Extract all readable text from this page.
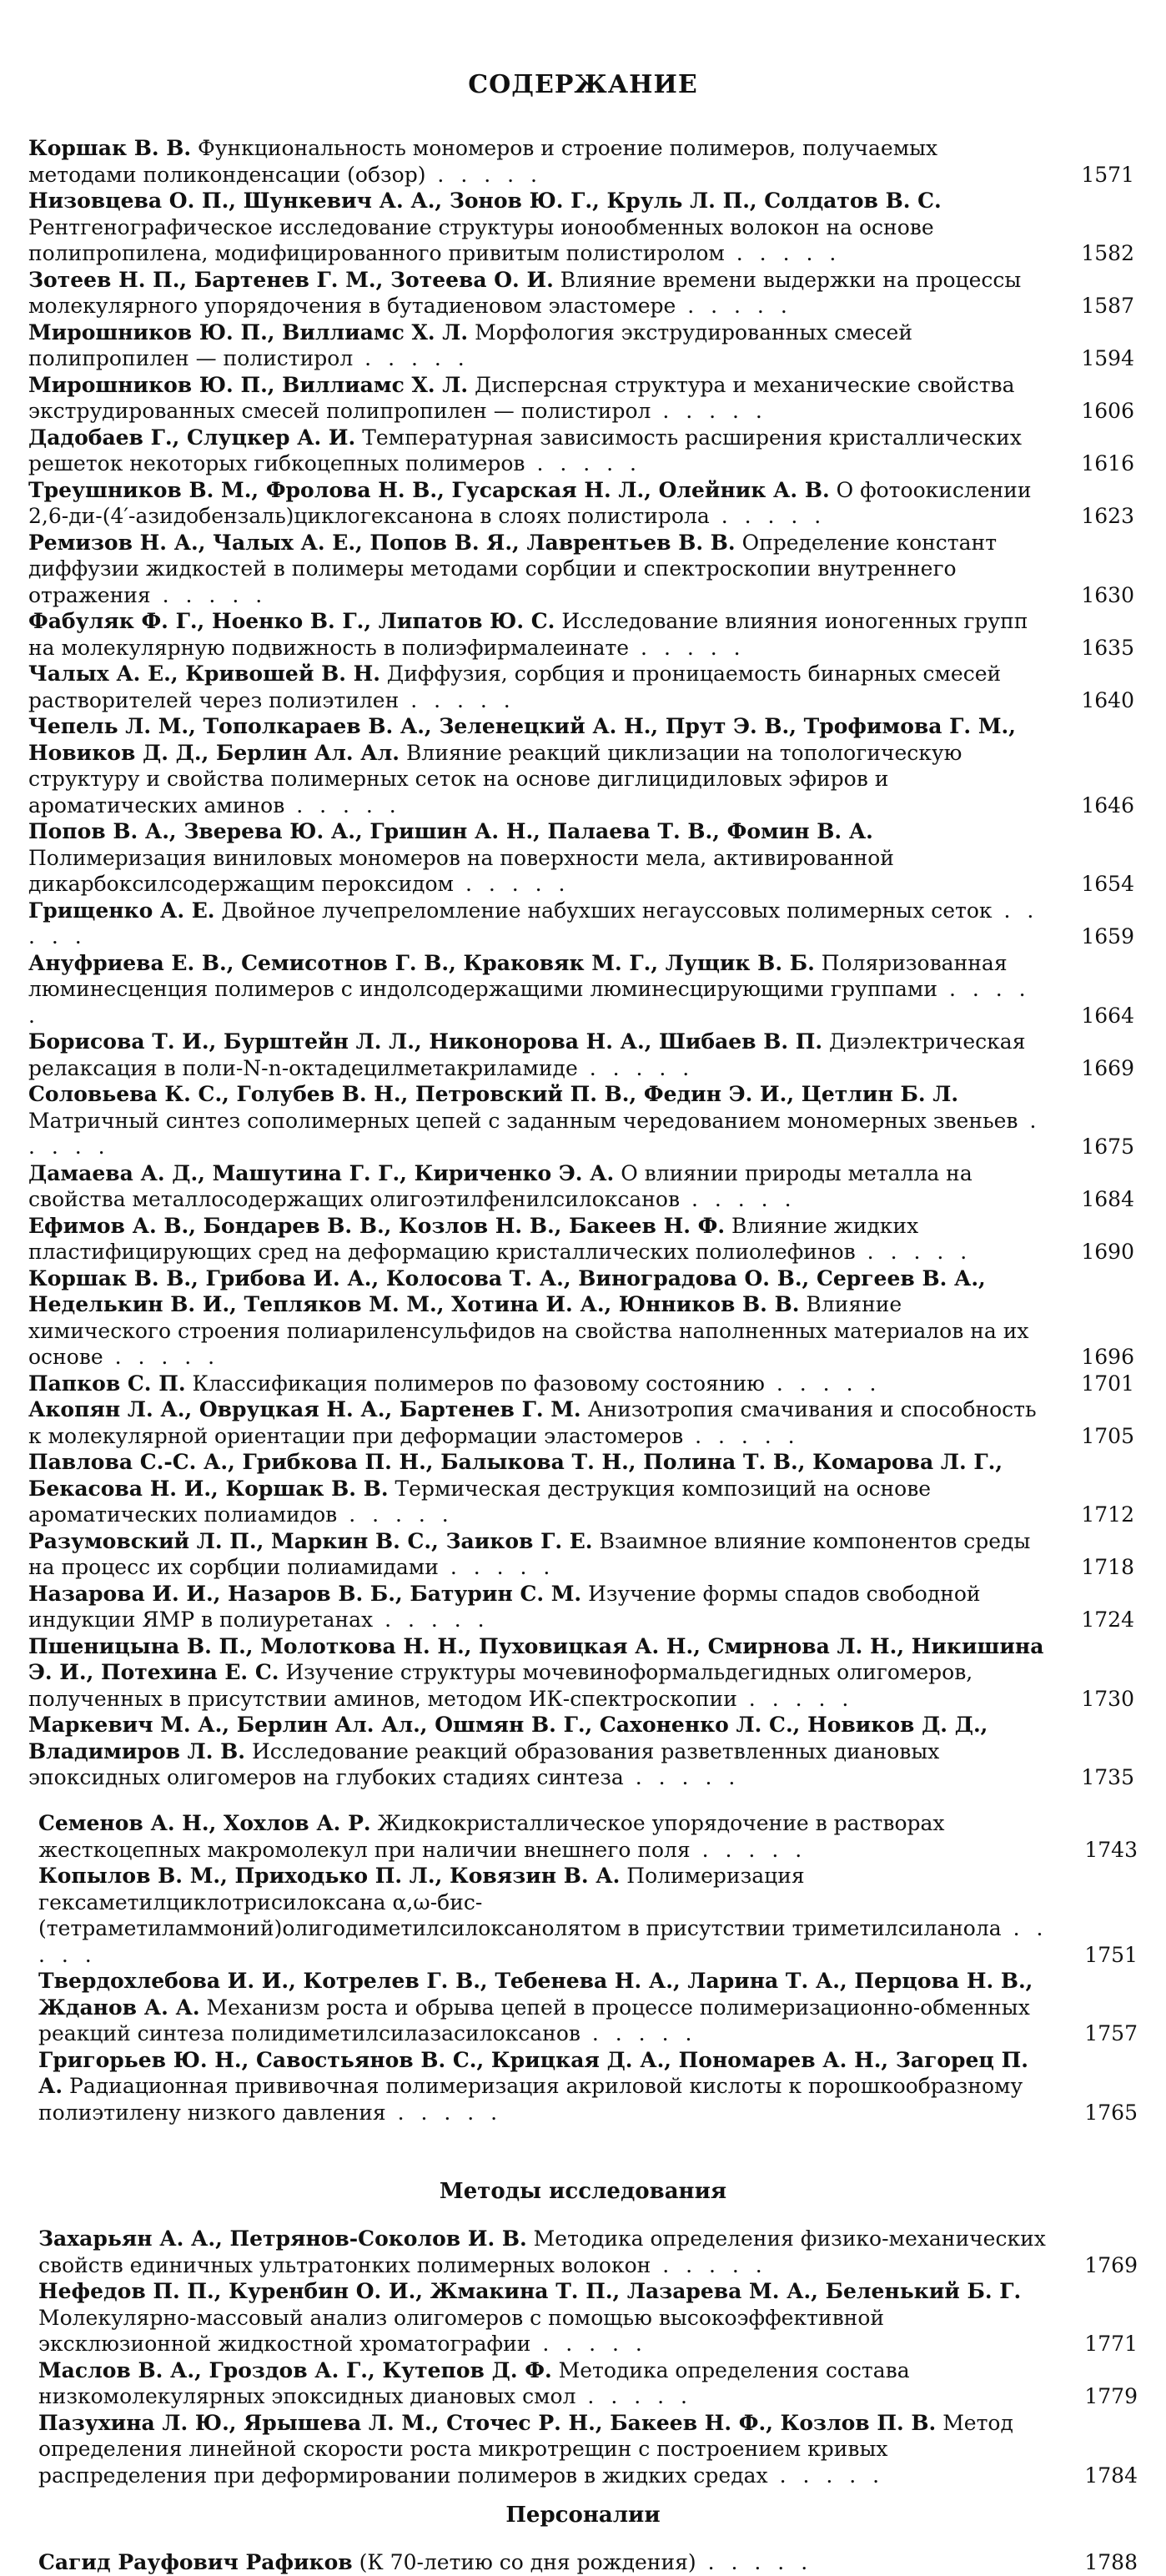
СОДЕРЖАНИЕ
Коршак В. В. Функциональность мономеров и строение полимеров, получаемых методами поликонденсации (обзор) . . . . .	1571
Низовцева О. П., Шункевич А. А., Зонов Ю. Г., Круль Л. П., Солдатов В. С. Рентгенографическое исследование структуры ионообменных волокон на основе полипропилена, модифицированного привитым полистиролом . . . . .	1582
Зотеев Н. П., Бартенев Г. М., Зотеева О. И. Влияние времени выдержки на процессы молекулярного упорядочения в бутадиеновом эластомере . . . . .	1587
Мирошников Ю. П., Виллиамс Х. Л. Морфология экструдированных смесей полипропилен — полистирол . . . . .	1594
Мирошников Ю. П., Виллиамс Х. Л. Дисперсная структура и механические свойства экструдированных смесей полипропилен — полистирол . . . . .	1606
Дадобаев Г., Слуцкер А. И. Температурная зависимость расширения кристаллических решеток некоторых гибкоцепных полимеров . . . . .	1616
Треушников В. М., Фролова Н. В., Гусарская Н. Л., Олейник А. В. О фотоокислении 2,6-ди-(4′-азидобензаль)циклогексанона в слоях полистирола . . . . .	1623
Ремизов Н. А., Чалых А. Е., Попов В. Я., Лаврентьев В. В. Определение констант диффузии жидкостей в полимеры методами сорбции и спектроскопии внутреннего отражения . . . . .	1630
Фабуляк Ф. Г., Ноенко В. Г., Липатов Ю. С. Исследование влияния ионогенных групп на молекулярную подвижность в полиэфирмалеинате . . . . .	1635
Чалых А. Е., Кривошей В. Н. Диффузия, сорбция и проницаемость бинарных смесей растворителей через полиэтилен . . . . .	1640
Чепель Л. М., Тополкараев В. А., Зеленецкий А. Н., Прут Э. В., Трофимова Г. М., Новиков Д. Д., Берлин Ал. Ал. Влияние реакций циклизации на топологическую структуру и свойства полимерных сеток на основе диглицидиловых эфиров и ароматических аминов . . . . .	1646
Попов В. А., Зверева Ю. А., Гришин А. Н., Палаева Т. В., Фомин В. А. Полимеризация виниловых мономеров на поверхности мела, активированной дикарбоксилсодержащим пероксидом . . . . .	1654
Грищенко А. Е. Двойное лучепреломление набухших негауссовых полимерных сеток . . . . .	1659
Ануфриева Е. В., Семисотнов Г. В., Краковяк М. Г., Лущик В. Б. Поляризованная люминесценция полимеров с индолсодержащими люминесцирующими группами . . . . .	1664
Борисова Т. И., Бурштейн Л. Л., Никонорова Н. А., Шибаев В. П. Диэлектрическая релаксация в поли-N-n-октадецилметакриламиде . . . . .	1669
Соловьева К. С., Голубев В. Н., Петровский П. В., Федин Э. И., Цетлин Б. Л. Матричный синтез сополимерных цепей с заданным чередованием мономерных звеньев . . . . .	1675
Дамаева А. Д., Машутина Г. Г., Кириченко Э. А. О влиянии природы металла на свойства металлосодержащих олигоэтилфенилсилоксанов . . . . .	1684
Ефимов А. В., Бондарев В. В., Козлов Н. В., Бакеев Н. Ф. Влияние жидких пластифицирующих сред на деформацию кристаллических полиолефинов . . . . .	1690
Коршак В. В., Грибова И. А., Колосова Т. А., Виноградова О. В., Сергеев В. А., Неделькин В. И., Тепляков М. М., Хотина И. А., Юнников В. В. Влияние химического строения полиариленсульфидов на свойства наполненных материалов на их основе . . . . .	1696
Папков С. П. Классификация полимеров по фазовому состоянию . . . . .	1701
Акопян Л. А., Овруцкая Н. А., Бартенев Г. М. Анизотропия смачивания и способность к молекулярной ориентации при деформации эластомеров . . . . .	1705
Павлова С.-С. А., Грибкова П. Н., Балыкова Т. Н., Полина Т. В., Комарова Л. Г., Бекасова Н. И., Коршак В. В. Термическая деструкция композиций на основе ароматических полиамидов . . . . .	1712
Разумовский Л. П., Маркин В. С., Заиков Г. Е. Взаимное влияние компонентов среды на процесс их сорбции полиамидами . . . . .	1718
Назарова И. И., Назаров В. Б., Батурин С. М. Изучение формы спадов свободной индукции ЯМР в полиуретанах . . . . .	1724
Пшеницына В. П., Молоткова Н. Н., Пуховицкая А. Н., Смирнова Л. Н., Никишина Э. И., Потехина Е. С. Изучение структуры мочевиноформальдегидных олигомеров, полученных в присутствии аминов, методом ИК-спектроскопии . . . . .	1730
Маркевич М. А., Берлин Ал. Ал., Ошмян В. Г., Сахоненко Л. С., Новиков Д. Д., Владимиров Л. В. Исследование реакций образования разветвленных диановых эпоксидных олигомеров на глубоких стадиях синтеза . . . . .	1735
Семенов А. Н., Хохлов А. Р. Жидкокристаллическое упорядочение в растворах жесткоцепных макромолекул при наличии внешнего поля . . . . .	1743
Копылов В. М., Приходько П. Л., Ковязин В. А. Полимеризация гексаметилциклотрисилоксана α,ω-бис-(тетраметиламмоний)олигодиметилсилоксанолятом в присутствии триметилсиланола . . . . .	1751
Твердохлебова И. И., Котрелев Г. В., Тебенева Н. А., Ларина Т. А., Перцова Н. В., Жданов А. А. Механизм роста и обрыва цепей в процессе полимеризационно-обменных реакций синтеза полидиметилсилазасилоксанов . . . . .	1757
Григорьев Ю. Н., Савостьянов В. С., Крицкая Д. А., Пономарев А. Н., Загорец П. А. Радиационная прививочная полимеризация акриловой кислоты к порошкообразному полиэтилену низкого давления . . . . .	1765
Методы исследования
Захарьян А. А., Петрянов-Соколов И. В. Методика определения физико-механических свойств единичных ультратонких полимерных волокон . . . . .	1769
Нефедов П. П., Куренбин О. И., Жмакина Т. П., Лазарева М. А., Беленький Б. Г. Молекулярно-массовый анализ олигомеров с помощью высокоэффективной эксклюзионной жидкостной хроматографии . . . . .	1771
Маслов В. А., Гроздов А. Г., Кутепов Д. Ф. Методика определения состава низкомолекулярных эпоксидных диановых смол . . . . .	1779
Пазухина Л. Ю., Ярышева Л. М., Сточес Р. Н., Бакеев Н. Ф., Козлов П. В. Метод определения линейной скорости роста микротрещин с построением кривых распределения при деформировании полимеров в жидких средах . . . . .	1784
Персоналии
Сагид Рауфович Рафиков (К 70-летию со дня рождения) . . . . .	1788
